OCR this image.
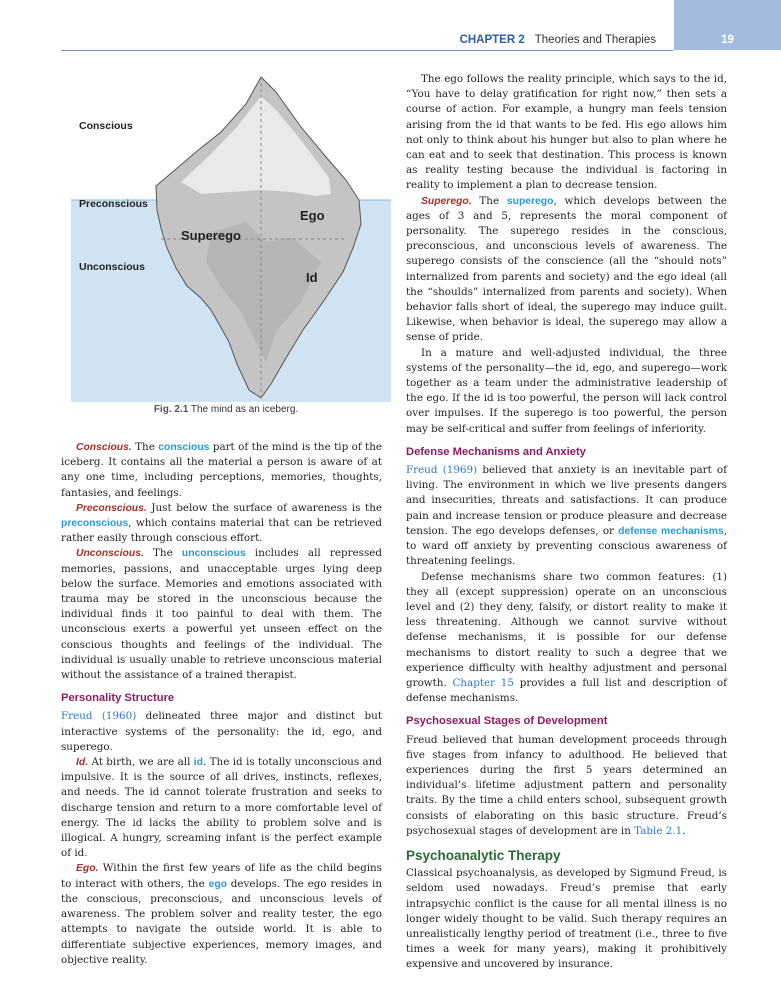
CHAPTER 2 Theories and Therapies	19
Conscious
Preconscious
Unconscious
Ego
Superego
Id
Fig. 2.1 The mind as an iceberg.

Conscious. The conscious part of the mind is the tip of the iceberg. It contains all the material a person is aware of at any one time, including perceptions, memories, thoughts, fantasies, and feelings.

Preconscious. Just below the surface of awareness is the preconscious, which contains material that can be retrieved rather easily through conscious effort.

Unconscious. The unconscious includes all repressed memories, passions, and unacceptable urges lying deep below the surface. Memories and emotions associated with trauma may be stored in the unconscious because the individual finds it too painful to deal with them. The unconscious exerts a powerful yet unseen effect on the conscious thoughts and feelings of the individual. The individual is usually unable to retrieve unconscious material without the assistance of a trained therapist.

Personality Structure

Freud (1960) delineated three major and distinct but interactive systems of the personality: the id, ego, and superego.

Id. At birth, we are all id. The id is totally unconscious and impulsive. It is the source of all drives, instincts, reflexes, and needs. The id cannot tolerate frustration and seeks to discharge tension and return to a more comfortable level of energy. The id lacks the ability to problem solve and is illogical. A hungry, screaming infant is the perfect example of id.

Ego. Within the first few years of life as the child begins to interact with others, the ego develops. The ego resides in the conscious, preconscious, and unconscious levels of awareness. The problem solver and reality tester, the ego attempts to navigate the outside world. It is able to differentiate subjective experiences, memory images, and objective reality.

The ego follows the reality principle, which says to the id, “You have to delay gratification for right now,” then sets a course of action. For example, a hungry man feels tension arising from the id that wants to be fed. His ego allows him not only to think about his hunger but also to plan where he can eat and to seek that destination. This process is known as reality testing because the individual is factoring in reality to implement a plan to decrease tension.

Superego. The superego, which develops between the ages of 3 and 5, represents the moral component of personality. The superego resides in the conscious, preconscious, and unconscious levels of awareness. The superego consists of the conscience (all the “should nots” internalized from parents and society) and the ego ideal (all the “shoulds” internalized from parents and society). When behavior falls short of ideal, the superego may induce guilt. Likewise, when behavior is ideal, the superego may allow a sense of pride.

In a mature and well-adjusted individual, the three systems of the personality—the id, ego, and superego—work together as a team under the administrative leadership of the ego. If the id is too powerful, the person will lack control over impulses. If the superego is too powerful, the person may be self-critical and suffer from feelings of inferiority.

Defense Mechanisms and Anxiety

Freud (1969) believed that anxiety is an inevitable part of living. The environment in which we live presents dangers and insecurities, threats and satisfactions. It can produce pain and increase tension or produce pleasure and decrease tension. The ego develops defenses, or defense mechanisms, to ward off anxiety by preventing conscious awareness of threatening feelings.

Defense mechanisms share two common features: (1) they all (except suppression) operate on an unconscious level and (2) they deny, falsify, or distort reality to make it less threatening. Although we cannot survive without defense mechanisms, it is possible for our defense mechanisms to distort reality to such a degree that we experience difficulty with healthy adjustment and personal growth. Chapter 15 provides a full list and description of defense mechanisms.

Psychosexual Stages of Development

Freud believed that human development proceeds through five stages from infancy to adulthood. He believed that experiences during the first 5 years determined an individual’s lifetime adjustment pattern and personality traits. By the time a child enters school, subsequent growth consists of elaborating on this basic structure. Freud’s psychosexual stages of development are in Table 2.1.

Psychoanalytic Therapy

Classical psychoanalysis, as developed by Sigmund Freud, is seldom used nowadays. Freud’s premise that early intrapsychic conflict is the cause for all mental illness is no longer widely thought to be valid. Such therapy requires an unrealistically lengthy period of treatment (i.e., three to five times a week for many years), making it prohibitively expensive and uncovered by insurance.
